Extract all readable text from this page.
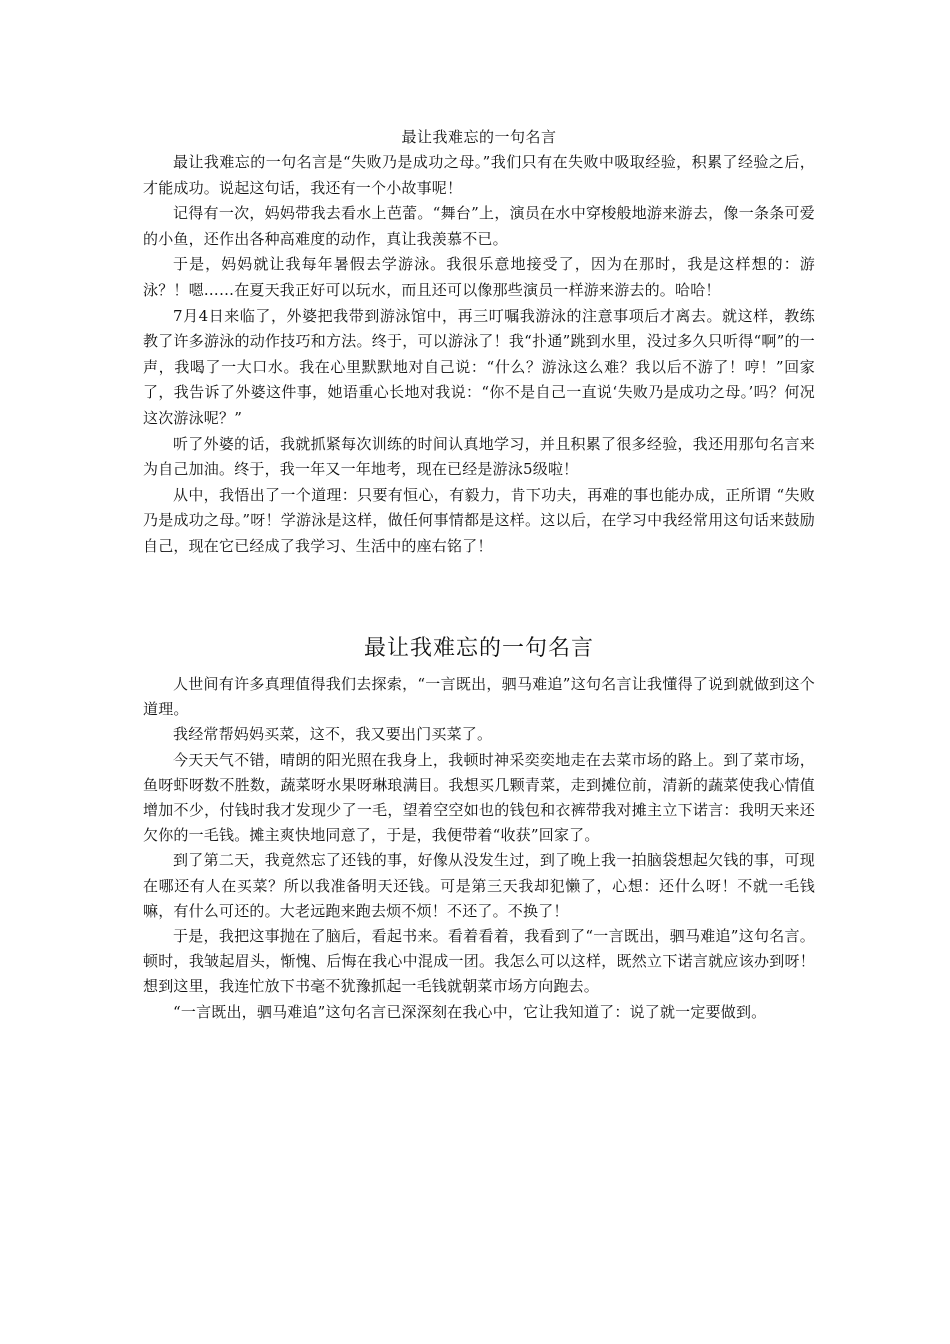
最让我难忘的一句名言

最让我难忘的一句名言是“失败乃是成功之母。”我们只有在失败中吸取经验，积累了经验之后，才能成功。说起这句话，我还有一个小故事呢！

记得有一次，妈妈带我去看水上芭蕾。“舞台”上，演员在水中穿梭般地游来游去，像一条条可爱的小鱼，还作出各种高难度的动作，真让我羡慕不已。

于是，妈妈就让我每年暑假去学游泳。我很乐意地接受了，因为在那时，我是这样想的：游泳？！嗯……在夏天我正好可以玩水，而且还可以像那些演员一样游来游去的。哈哈！

7月4日来临了，外婆把我带到游泳馆中，再三叮嘱我游泳的注意事项后才离去。就这样，教练教了许多游泳的动作技巧和方法。终于，可以游泳了！我“扑通”跳到水里，没过多久只听得“啊”的一声，我喝了一大口水。我在心里默默地对自己说：“什么？游泳这么难？我以后不游了！哼！”回家了，我告诉了外婆这件事，她语重心长地对我说：“你不是自己一直说‘失败乃是成功之母。’吗？何况这次游泳呢？”

听了外婆的话，我就抓紧每次训练的时间认真地学习，并且积累了很多经验，我还用那句名言来为自己加油。终于，我一年又一年地考，现在已经是游泳5级啦！

从中，我悟出了一个道理：只要有恒心，有毅力，肯下功夫，再难的事也能办成，正所谓 “失败乃是成功之母。”呀！学游泳是这样，做任何事情都是这样。这以后，在学习中我经常用这句话来鼓励自己，现在它已经成了我学习、生活中的座右铭了！

最让我难忘的一句名言

人世间有许多真理值得我们去探索，“一言既出，驷马难追”这句名言让我懂得了说到就做到这个道理。

我经常帮妈妈买菜，这不，我又要出门买菜了。

今天天气不错，晴朗的阳光照在我身上，我顿时神采奕奕地走在去菜市场的路上。到了菜市场，鱼呀虾呀数不胜数，蔬菜呀水果呀琳琅满目。我想买几颗青菜，走到摊位前，清新的蔬菜使我心情值增加不少，付钱时我才发现少了一毛，望着空空如也的钱包和衣裤带我对摊主立下诺言：我明天来还欠你的一毛钱。摊主爽快地同意了，于是，我便带着“收获”回家了。

到了第二天，我竟然忘了还钱的事，好像从没发生过，到了晚上我一拍脑袋想起欠钱的事，可现在哪还有人在买菜？所以我准备明天还钱。可是第三天我却犯懒了，心想：还什么呀！不就一毛钱嘛，有什么可还的。大老远跑来跑去烦不烦！不还了。不换了！

于是，我把这事抛在了脑后，看起书来。看着看着，我看到了“一言既出，驷马难追”这句名言。顿时，我皱起眉头，惭愧、后悔在我心中混成一团。我怎么可以这样，既然立下诺言就应该办到呀！想到这里，我连忙放下书毫不犹豫抓起一毛钱就朝菜市场方向跑去。

“一言既出，驷马难追”这句名言已深深刻在我心中，它让我知道了：说了就一定要做到。
